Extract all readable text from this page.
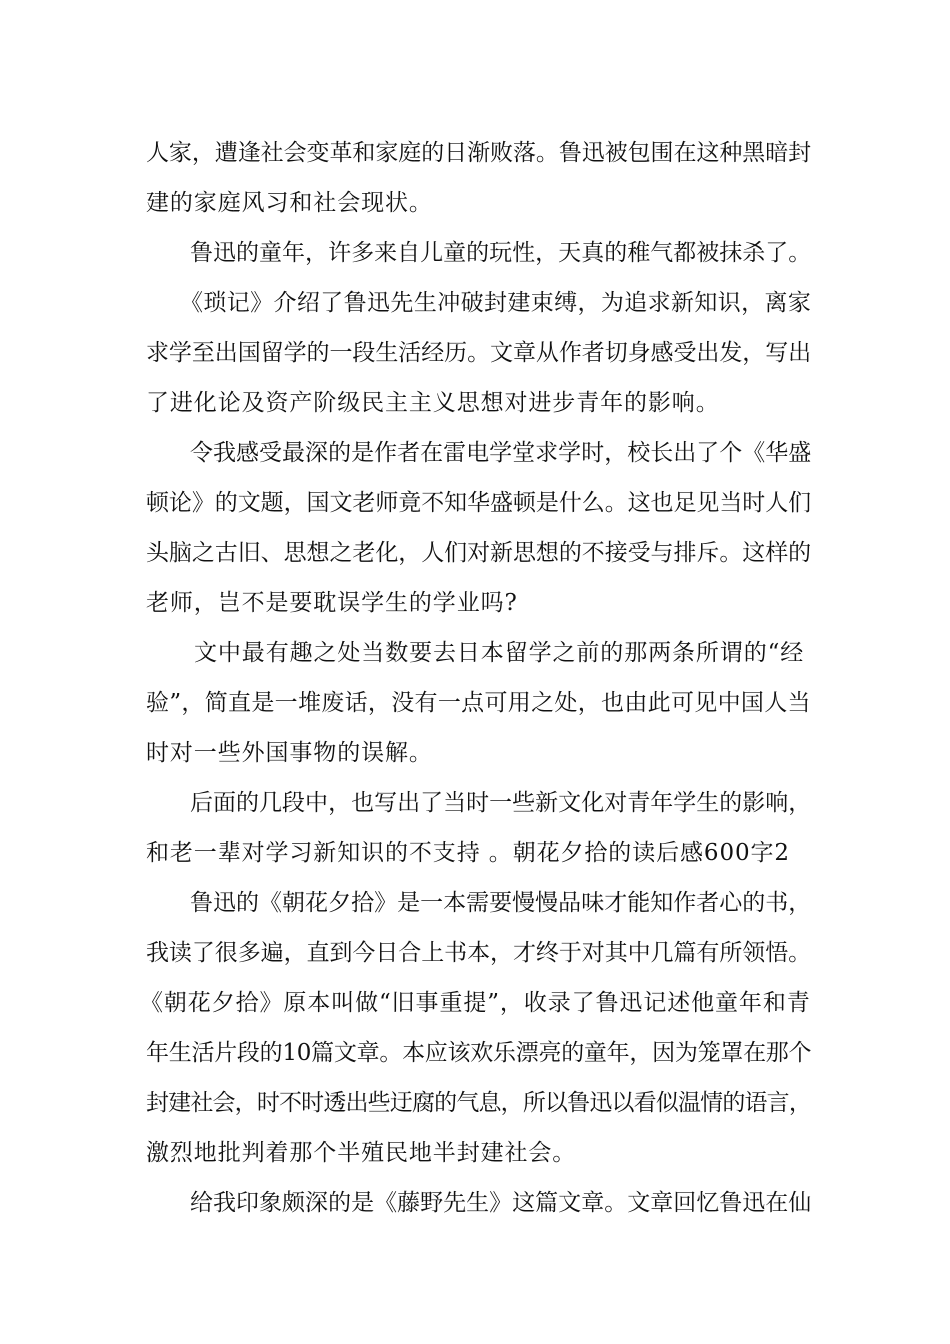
人家，遭逢社会变革和家庭的日渐败落。鲁迅被包围在这种黑暗封
建的家庭风习和社会现状。
鲁迅的童年，许多来自儿童的玩性，天真的稚气都被抹杀了。
《琐记》介绍了鲁迅先生冲破封建束缚，为追求新知识，离家
求学至出国留学的一段生活经历。文章从作者切身感受出发，写出
了进化论及资产阶级民主主义思想对进步青年的影响。
令我感受最深的是作者在雷电学堂求学时，校长出了个《华盛
顿论》的文题，国文老师竟不知华盛顿是什么。这也足见当时人们
头脑之古旧、思想之老化，人们对新思想的不接受与排斥。这样的
老师，岂不是要耽误学生的学业吗?
文中最有趣之处当数要去日本留学之前的那两条所谓的“经
验”，简直是一堆废话，没有一点可用之处，也由此可见中国人当
时对一些外国事物的误解。
后面的几段中，也写出了当时一些新文化对青年学生的影响，
和老一辈对学习新知识的不支持 。朝花夕拾的读后感600字2
鲁迅的《朝花夕拾》是一本需要慢慢品味才能知作者心的书，
我读了很多遍，直到今日合上书本，才终于对其中几篇有所领悟。
《朝花夕拾》原本叫做“旧事重提”，收录了鲁迅记述他童年和青
年生活片段的10篇文章。本应该欢乐漂亮的童年，因为笼罩在那个
封建社会，时不时透出些迂腐的气息，所以鲁迅以看似温情的语言，
激烈地批判着那个半殖民地半封建社会。
给我印象颇深的是《藤野先生》这篇文章。文章回忆鲁迅在仙
